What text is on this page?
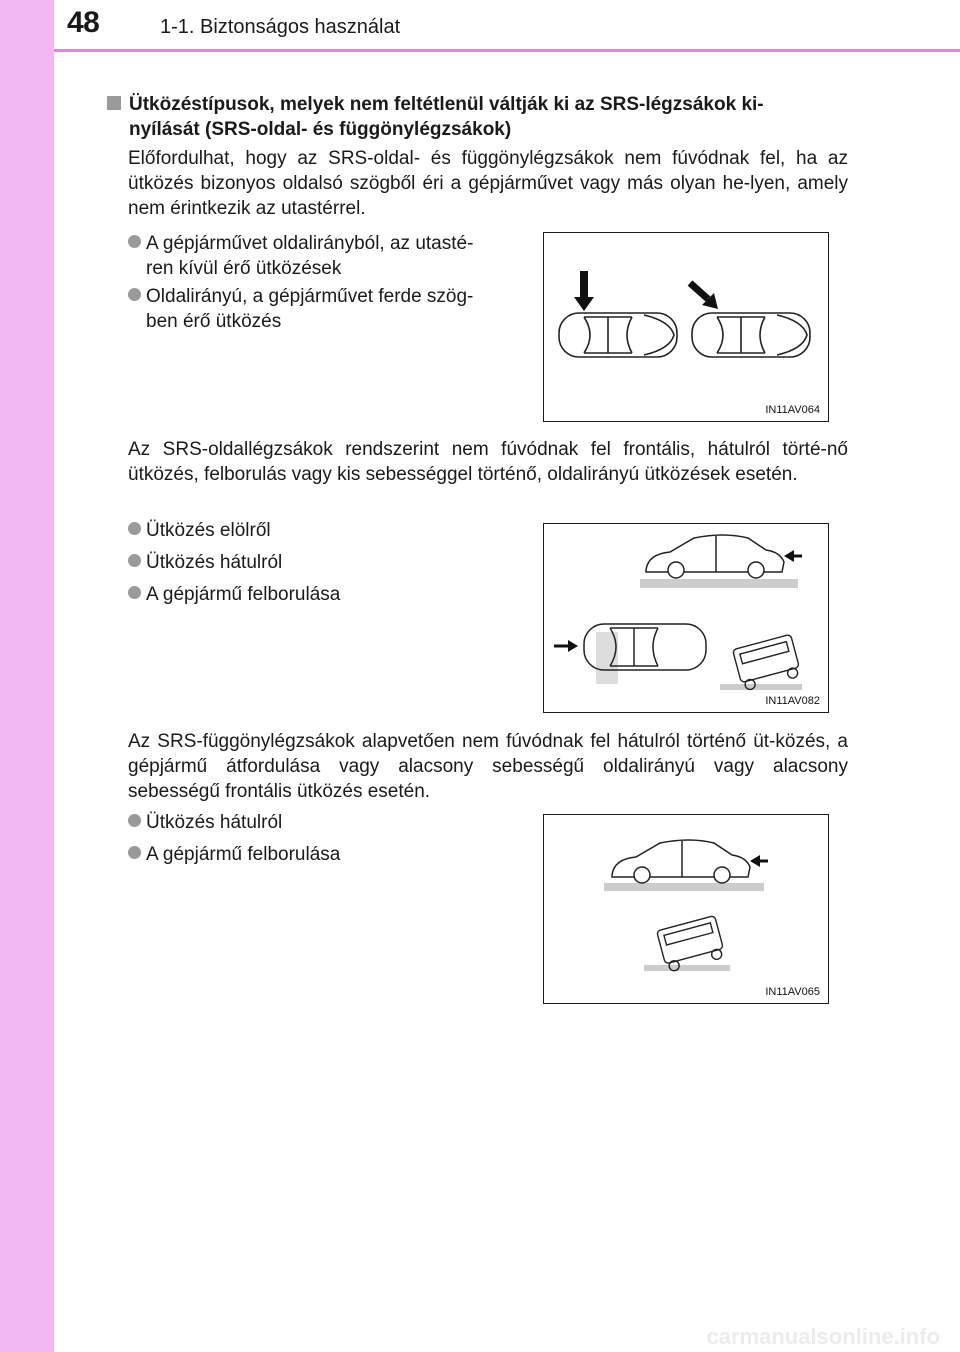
48	1-1. Biztonságos használat
Ütközéstípusok, melyek nem feltétlenül váltják ki az SRS-légzsákok ki-
nyílását (SRS-oldal- és függönylégzsákok)
Előfordulhat, hogy az SRS-oldal- és függönylégzsákok nem fúvódnak fel, ha az ütközés bizonyos oldalsó szögből éri a gépjárművet vagy más olyan he-lyen, amely nem érintkezik az utastérrel.
A gépjárművet oldalirányból, az utasté-
ren kívül érő ütközések
Oldalirányú, a gépjárművet ferde szög-
ben érő ütközés
IN11AV064
Az SRS-oldallégzsákok rendszerint nem fúvódnak fel frontális, hátulról törté-nő ütközés, felborulás vagy kis sebességgel történő, oldalirányú ütközések esetén.
Ütközés elölről
Ütközés hátulról
A gépjármű felborulása
IN11AV082
Az SRS-függönylégzsákok alapvetően nem fúvódnak fel hátulról történő üt-közés, a gépjármű átfordulása vagy alacsony sebességű oldalirányú vagy alacsony sebességű frontális ütközés esetén.
Ütközés hátulról
A gépjármű felborulása
IN11AV065
carmanualsonline.info
